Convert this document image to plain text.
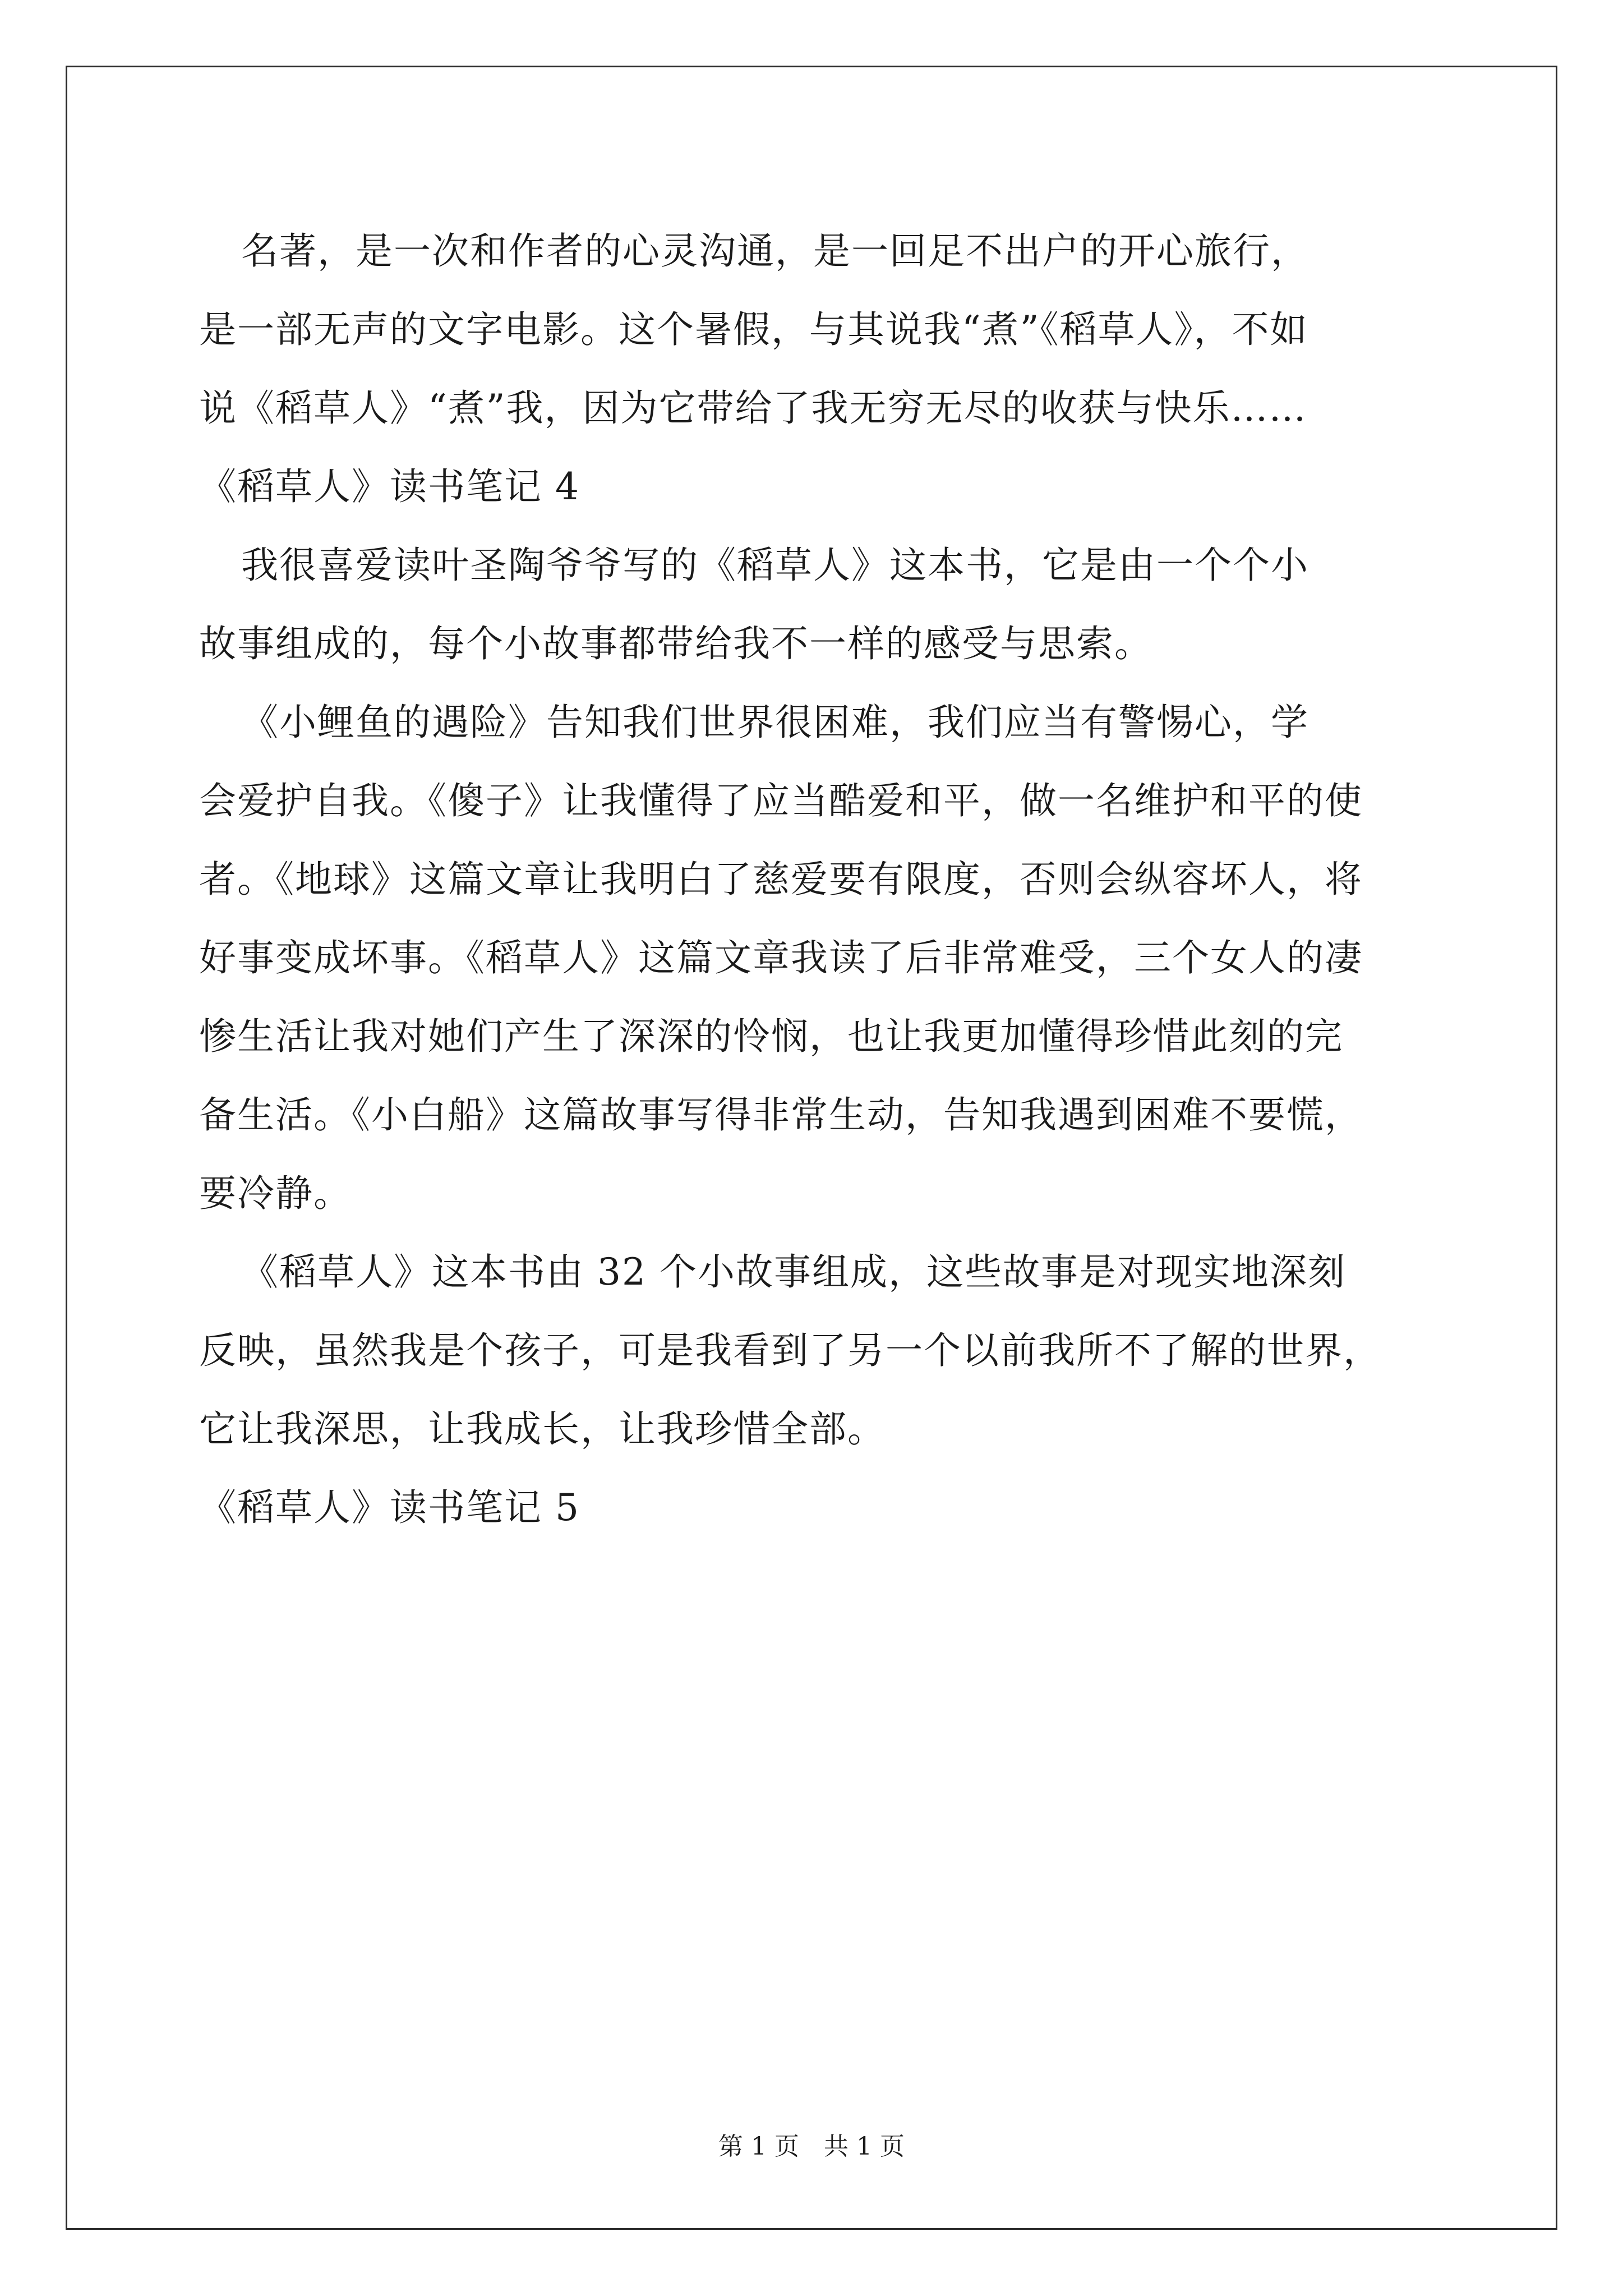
名著，是一次和作者的心灵沟通，是一回足不出户的开心旅行，
是一部无声的文字电影。这个暑假，与其说我“煮”《稻草人》，不如
说《稻草人》“煮”我，因为它带给了我无穷无尽的收获与快乐……
《稻草人》读书笔记 4
我很喜爱读叶圣陶爷爷写的《稻草人》这本书，它是由一个个小
故事组成的，每个小故事都带给我不一样的感受与思索。
《小鲤鱼的遇险》告知我们世界很困难，我们应当有警惕心，学
会爱护自我。《傻子》让我懂得了应当酷爱和平，做一名维护和平的使
者。《地球》这篇文章让我明白了慈爱要有限度，否则会纵容坏人，将
好事变成坏事。《稻草人》这篇文章我读了后非常难受，三个女人的凄
惨生活让我对她们产生了深深的怜悯，也让我更加懂得珍惜此刻的完
备生活。《小白船》这篇故事写得非常生动，告知我遇到困难不要慌，
要冷静。
《稻草人》这本书由 32 个小故事组成，这些故事是对现实地深刻
反映，虽然我是个孩子，可是我看到了另一个以前我所不了解的世界，
它让我深思，让我成长，让我珍惜全部。
《稻草人》读书笔记 5
第 1 页　共 1 页
